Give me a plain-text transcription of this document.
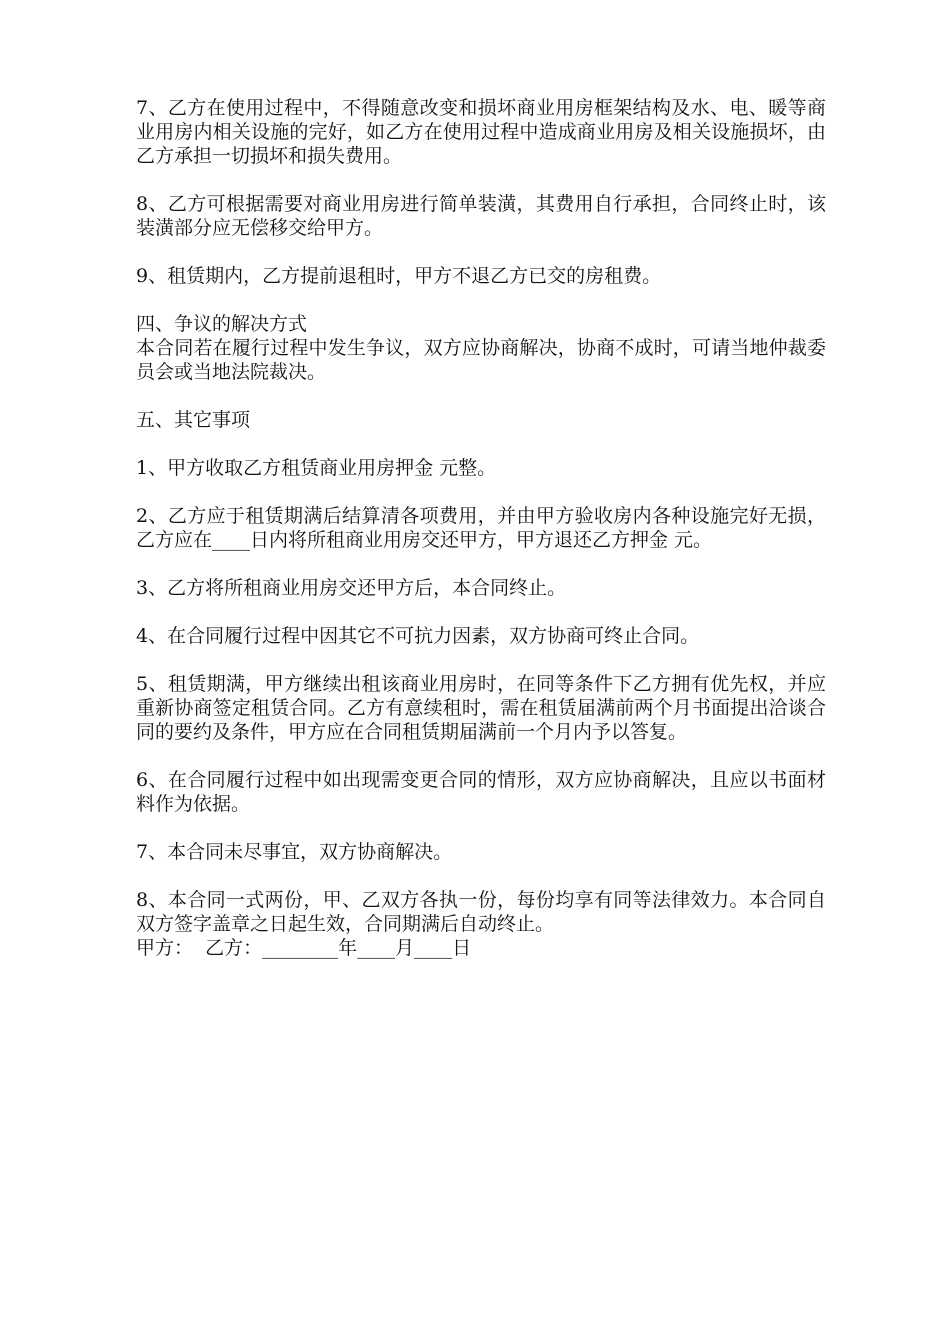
7、乙方在使用过程中，不得随意改变和损坏商业用房框架结构及水、电、暖等商业用房内相关设施的完好，如乙方在使用过程中造成商业用房及相关设施损坏，由乙方承担一切损坏和损失费用。

8、乙方可根据需要对商业用房进行简单装潢，其费用自行承担，合同终止时，该装潢部分应无偿移交给甲方。

9、租赁期内，乙方提前退租时，甲方不退乙方已交的房租费。

四、争议的解决方式

本合同若在履行过程中发生争议，双方应协商解决，协商不成时，可请当地仲裁委员会或当地法院裁决。

五、其它事项

1、甲方收取乙方租赁商业用房押金 元整。

2、乙方应于租赁期满后结算清各项费用，并由甲方验收房内各种设施完好无损，乙方应在____日内将所租商业用房交还甲方，甲方退还乙方押金 元。

3、乙方将所租商业用房交还甲方后，本合同终止。

4、在合同履行过程中因其它不可抗力因素，双方协商可终止合同。

5、租赁期满，甲方继续出租该商业用房时，在同等条件下乙方拥有优先权，并应重新协商签定租赁合同。乙方有意续租时，需在租赁届满前两个月书面提出洽谈合同的要约及条件，甲方应在合同租赁期届满前一个月内予以答复。

6、在合同履行过程中如出现需变更合同的情形，双方应协商解决，且应以书面材料作为依据。

7、本合同未尽事宜，双方协商解决。

8、本合同一式两份，甲、乙双方各执一份，每份均享有同等法律效力。本合同自双方签字盖章之日起生效，合同期满后自动终止。

甲方：  乙方：________年____月____日
